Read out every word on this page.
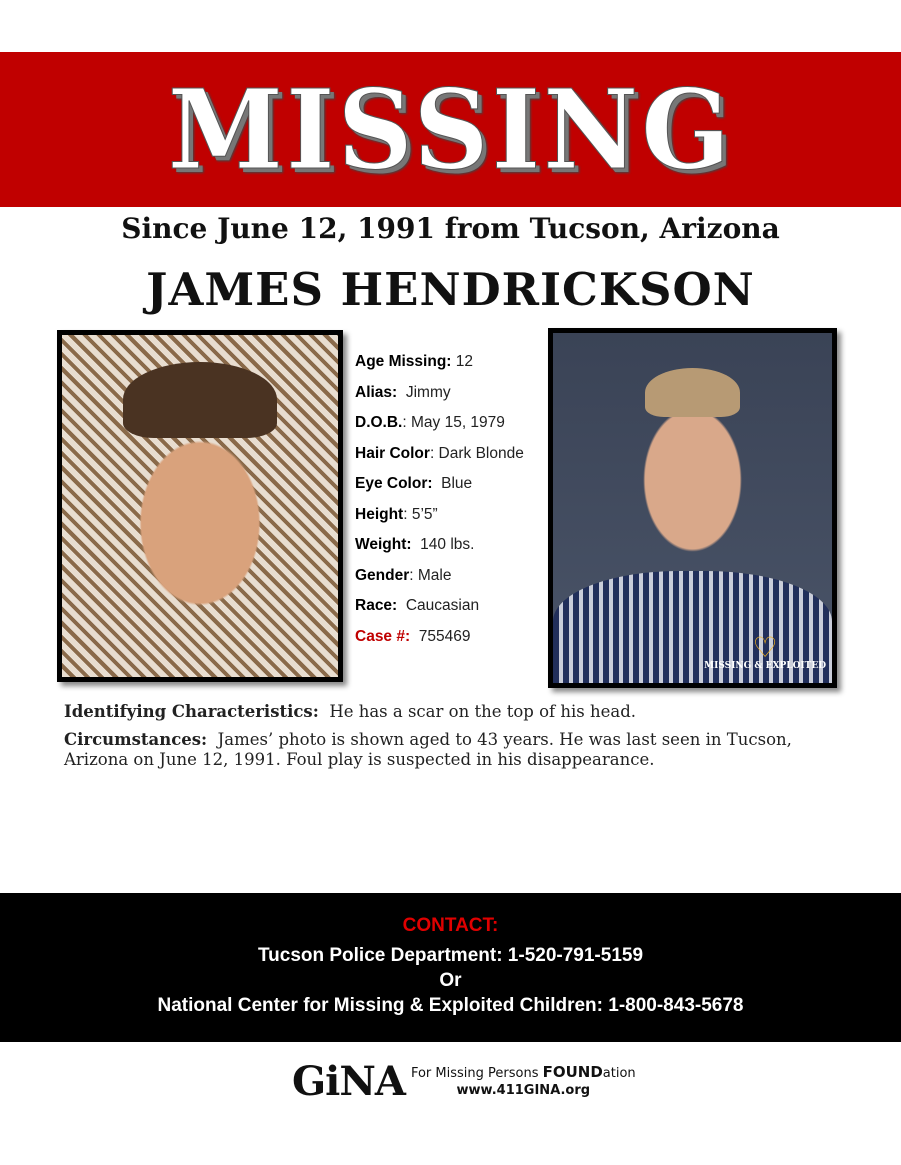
MISSING
Since June 12, 1991 from Tucson, Arizona
JAMES HENDRICKSON
♡
MISSING & EXPLOITED
Age Missing: 12
Alias: Jimmy
D.O.B.: May 15, 1979
Hair Color: Dark Blonde
Eye Color: Blue
Height: 5’5”
Weight: 140 lbs.
Gender: Male
Race: Caucasian
Case #: 755469

Identifying Characteristics: He has a scar on the top of his head.

Circumstances: James’ photo is shown aged to 43 years. He was last seen in Tucson, Arizona on June 12, 1991. Foul play is suspected in his disappearance.

CONTACT:
Tucson Police Department: 1-520-791-5159
Or
National Center for Missing & Exploited Children: 1-800-843-5678
GiNA For Missing Persons FOUNDation
www.411GINA.org
